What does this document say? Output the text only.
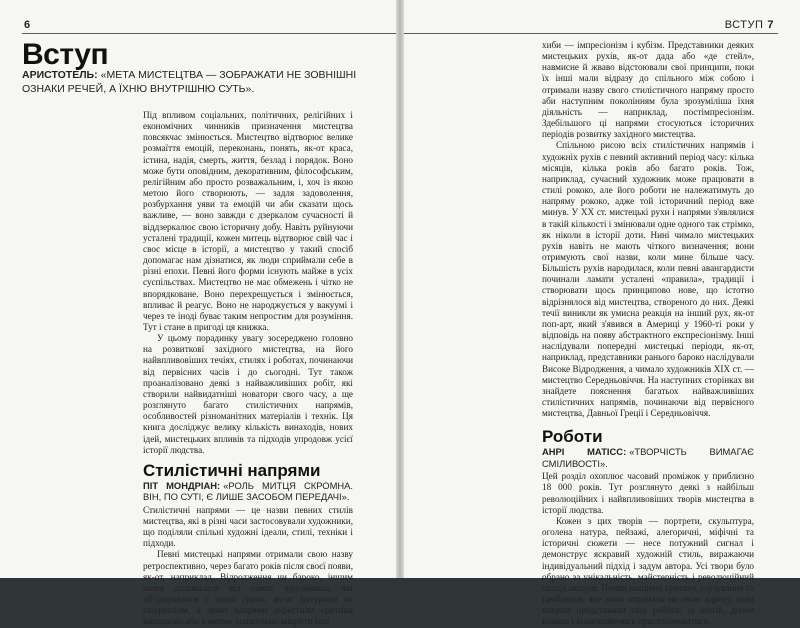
6
Вступ
АРИСТОТЕЛЬ: «МЕТА МИСТЕЦТВА — ЗОБРАЖАТИ НЕ ЗОВНІШНІ ОЗНАКИ РЕЧЕЙ, А ЇХНЮ ВНУТРІШНЮ СУТЬ».

Під впливом соціальних, політичних, релігійних і економічних чинників призначення мистецтва повсякчас змінюється. Мистецтво відтворює велике розмаїття емоцій, переконань, понять, як-от краса, істина, надія, смерть, життя, безлад і порядок. Воно може бути оповідним, декоративним, філософським, релігійним або просто розважальним, і, хоч із якою метою його створюють, — задля задоволення, розбурхання уяви та емоцій чи аби сказати щось важливе, — воно завжди є дзеркалом сучасності й віддзеркалює свою історичну добу. Навіть руйнуючи усталені традиції, кожен митець відтворює свій час і своє місце в історії, а мистецтво у такий спосіб допомагає нам дізнатися, як люди сприймали себе в різні епохи. Певні його форми існують майже в усіх суспільствах. Мистецтво не має обмежень і чітко не впорядковане. Воно перехрещується і змінюється, впливає й реагує. Воно не народжується у вакуумі і через те іноді буває таким непростим для розуміння. Тут і стане в пригоді ця книжка.

У цьому порадинку увагу зосереджено головно на розвитковї західного мистецтва, на його найвпливовіших течіях, стилях і роботах, починаючи від первісних часів і до сьогодні. Тут також проаналізовано деякі з найважливіших робіт, які створили найвидатніші новатори свого часу, а ще розглянуто багато стилістичних напрямів, особливостей різноманітних матеріалів і технік. Ця книга досліджує велику кількість винаходів, нових ідей, мистецьких впливів та підходів упродовж усієї історії людства.

Стилістичні напрями
ПІТ МОНДРІАН: «РОЛЬ МИТЦЯ СКРОМНА. ВІН, ПО СУТІ, Є ЛИШЕ ЗАСОБОМ ПЕРЕДАЧІ».

Стилістичні напрями — це назви певних стилів мистецтва, які в різні часи застосовували художники, що поділяли спільні художні ідеали, стилі, техніки і підходи.

Певні мистецькі напрями отримали свою назву ретроспективно, через багато років після своєї появи, як-от, наприклад, Відродження чи бароко, іншим назва діставалася від самих художників, які об'єднувалися у певні групи, як-от футуризм чи сюрреалізм, а деякі напрями охрестили критики випадково або з метою дошкульно викрити їхні

ВСТУП 7

хиби — імпресіонізм і кубізм. Представники деяких мистецьких рухів, як-от дада або «де стейл», навмисне й жваво відстоювали свої принципи, поки їх інші мали відразу до спільного між собою і отримали назву свого стилістичного напряму просто аби наступним поколінням була зрозуміліша їхня діяльність — наприклад, постімпресіонізм. Здебільшого ці напрями стосуються історичних періодів розвитку західного мистецтва.

Спільною рисою всіх стилістичних напрямів і художніх рухів є певний активний період часу: кілька місяців, кілька років або багато років. Тож, наприклад, сучасний художник може працювати в стилі рококо, але його роботи не належатимуть до напряму рококо, адже той історичний період вже минув. У XX ст. мистецькі рухи і напрями з'являлися в такій кількості і змінювали одне одного так стрімко, як ніколи в історії доти. Нині чимало мистецьких рухів навіть не мають чіткого визначення; вони отримують свої назви, коли мине більше часу. Більшість рухів народилася, коли певні авангардисти починали ламати усталені «правила», традиції і створювати щось принципово нове, що істотно відрізнялося від мистецтва, створеного до них. Деякі течії виникли як умисна реакція на інший рух, як-от поп-арт, який з'явився в Америці у 1960-ті роки у відповідь на появу абстрактного експресіонізму. Інші наслідували попередні мистецькі періоди, як-от, наприклад, представники ранього бароко наслідували Високе Відродження, а чимало художників XIX ст. — мистецтво Середньовіччя. На наступних сторінках ви знайдете пояснення багатьох найважливіших стилістичних напрямів, починаючи від первісного мистецтва, Давньої Греції і Середньовіччя.

Роботи
АНРІ МАТІСС: «ТВОРЧІСТЬ ВИМАГАЄ СМІЛИВОСТІ».

Цей розділ охоплює часовий проміжок у приблизно 18 000 років. Тут розглянуто деякі з найбільш революційних і найвпливовіших творів мистецтва в історії людства.

Кожен з цих творів — портрети, скульптура, оголена натура, пейзажі, алегоричні, міфічні та історичні сюжети — несе потужний сигнал і демонструє яскравий художній стиль, виражаючи індивідуальний підхід і задум автора. Усі твори було обрано за унікальність, майстерність і революційний підхід авторів. Попри нищівну критику, глузування та гамблення, яке вони отримали на свою адресу, коли вперше представили свої роботи, ці митці, діючи інакше і відмовляючись пристосовуватися,
